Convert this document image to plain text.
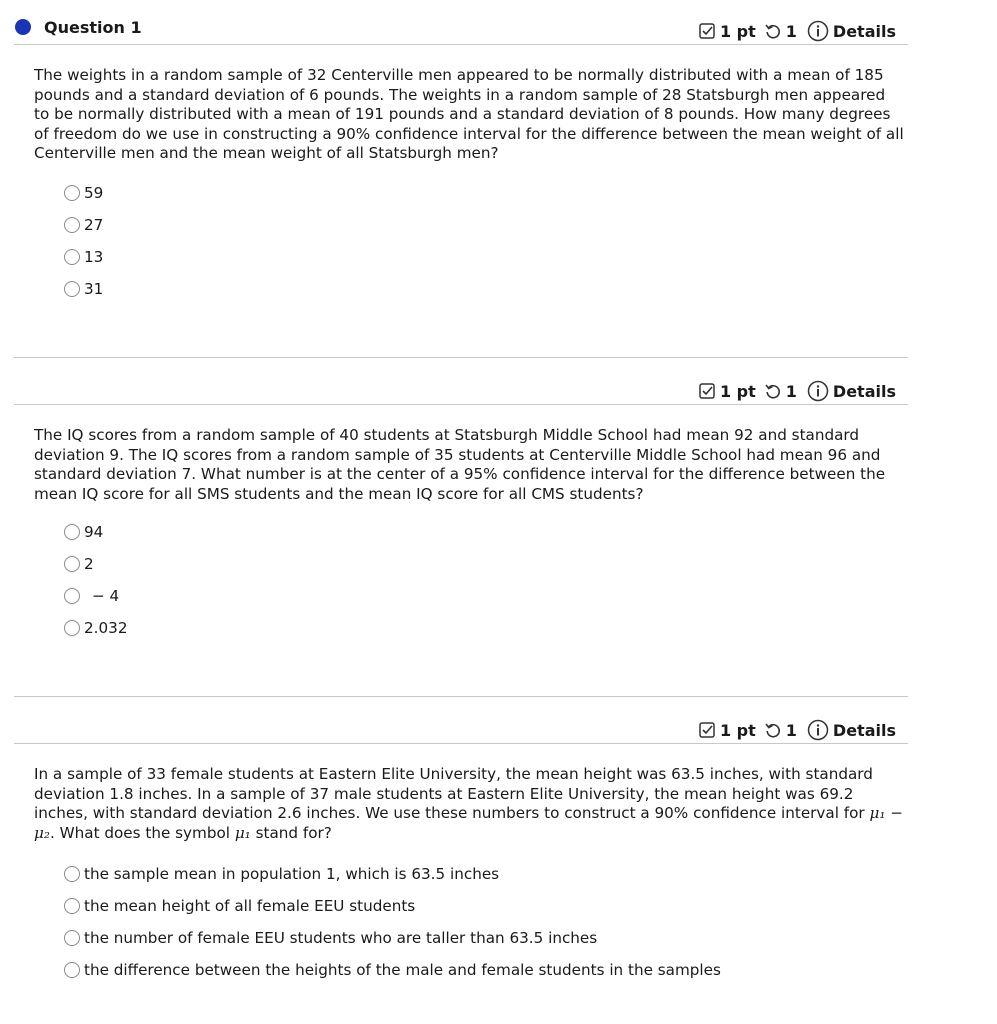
Question 1	1 pt 1 Details
The weights in a random sample of 32 Centerville men appeared to be normally distributed with a mean of 185 pounds and a standard deviation of 6 pounds. The weights in a random sample of 28 Statsburgh men appeared to be normally distributed with a mean of 191 pounds and a standard deviation of 8 pounds. How many degrees of freedom do we use in constructing a 90% confidence interval for the difference between the mean weight of all Centerville men and the mean weight of all Statsburgh men?
59
27
13
31
1 pt 1 Details
The IQ scores from a random sample of 40 students at Statsburgh Middle School had mean 92 and standard deviation 9. The IQ scores from a random sample of 35 students at Centerville Middle School had mean 96 and standard deviation 7. What number is at the center of a 95% confidence interval for the difference between the mean IQ score for all SMS students and the mean IQ score for all CMS students?
94
2
− 4
2.032
1 pt 1 Details
In a sample of 33 female students at Eastern Elite University, the mean height was 63.5 inches, with standard deviation 1.8 inches. In a sample of 37 male students at Eastern Elite University, the mean height was 69.2 inches, with standard deviation 2.6 inches. We use these numbers to construct a 90% confidence interval for μ₁ − μ₂. What does the symbol μ₁ stand for?
the sample mean in population 1, which is 63.5 inches
the mean height of all female EEU students
the number of female EEU students who are taller than 63.5 inches
the difference between the heights of the male and female students in the samples
